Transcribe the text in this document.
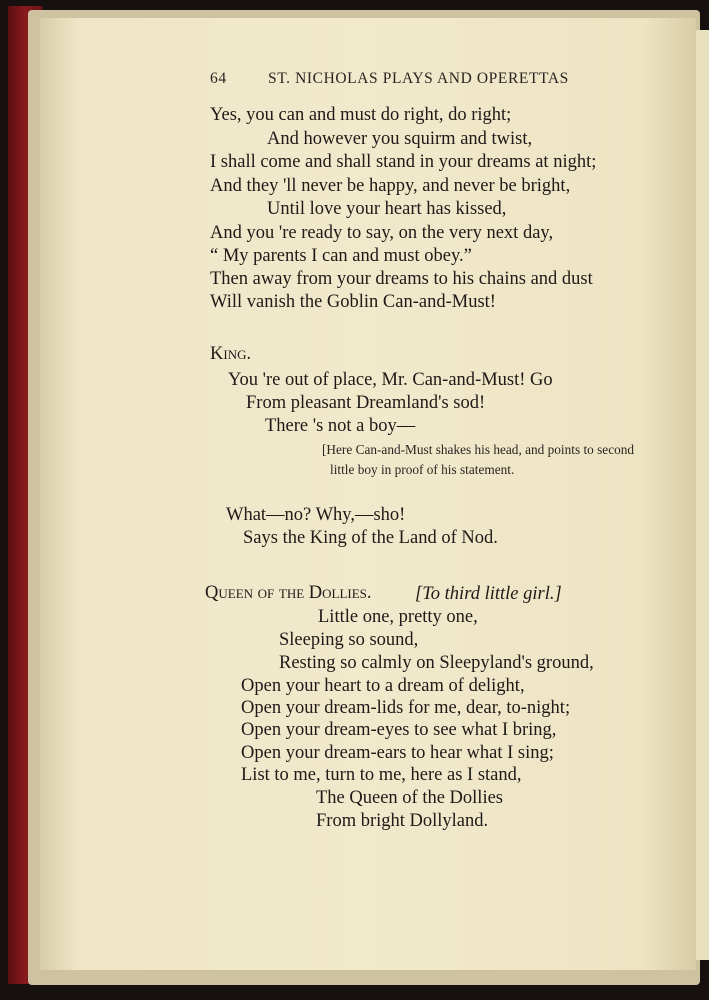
64	ST. NICHOLAS PLAYS AND OPERETTAS
Yes, you can and must do right, do right;
And however you squirm and twist,
I shall come and shall stand in your dreams at night;
And they 'll never be happy, and never be bright,
Until love your heart has kissed,
And you 're ready to say, on the very next day,
“ My parents I can and must obey.”
Then away from your dreams to his chains and dust
Will vanish the Goblin Can-and-Must!
King.
You 're out of place, Mr. Can-and-Must! Go
From pleasant Dreamland's sod!
There 's not a boy—
[Here Can-and-Must shakes his head, and points to second little boy in proof of his statement.
What—no? Why,—sho!
Says the King of the Land of Nod.
Queen of the Dollies. [To third little girl.]
Little one, pretty one,
Sleeping so sound,
Resting so calmly on Sleepyland's ground,
Open your heart to a dream of delight,
Open your dream-lids for me, dear, to-night;
Open your dream-eyes to see what I bring,
Open your dream-ears to hear what I sing;
List to me, turn to me, here as I stand,
The Queen of the Dollies
From bright Dollyland.
